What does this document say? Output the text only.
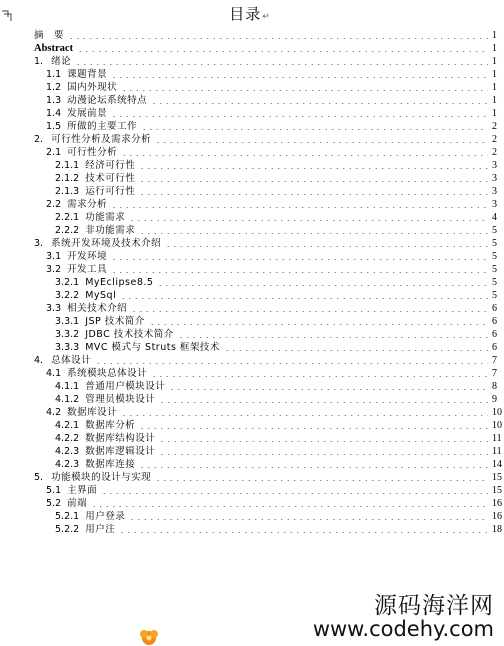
目录↵
摘　要	1
Abstract	1
1. 绪论	1
1.1 课题背景	1
1.2 国内外现状	1
1.3 动漫论坛系统特点	1
1.4 发展前景	1
1.5 所做的主要工作	2
2. 可行性分析及需求分析	2
2.1 可行性分析	2
2.1.1 经济可行性	3
2.1.2 技术可行性	3
2.1.3 运行可行性	3
2.2 需求分析	3
2.2.1 功能需求	4
2.2.2 非功能需求	5
3. 系统开发环境及技术介绍	5
3.1 开发环境	5
3.2 开发工具	5
3.2.1 MyEclipse8.5	5
3.2.2 MySql	5
3.3 相关技术介绍	6
3.3.1 JSP 技术简介	6
3.3.2 JDBC 技术技术简介	6
3.3.3 MVC 模式与 Struts 框架技术	6
4. 总体设计	7
4.1 系统模块总体设计	7
4.1.1 普通用户模块设计	8
4.1.2 管理员模块设计	9
4.2 数据库设计	10
4.2.1 数据库分析	10
4.2.2 数据库结构设计	11
4.2.3 数据库逻辑设计	11
4.2.3 数据库连接	14
5. 功能模块的设计与实现	15
5.1 主界面	15
5.2 前端	16
5.2.1 用户登录	16
5.2.2 用户注	18
源码海洋网
www.codehy.com
